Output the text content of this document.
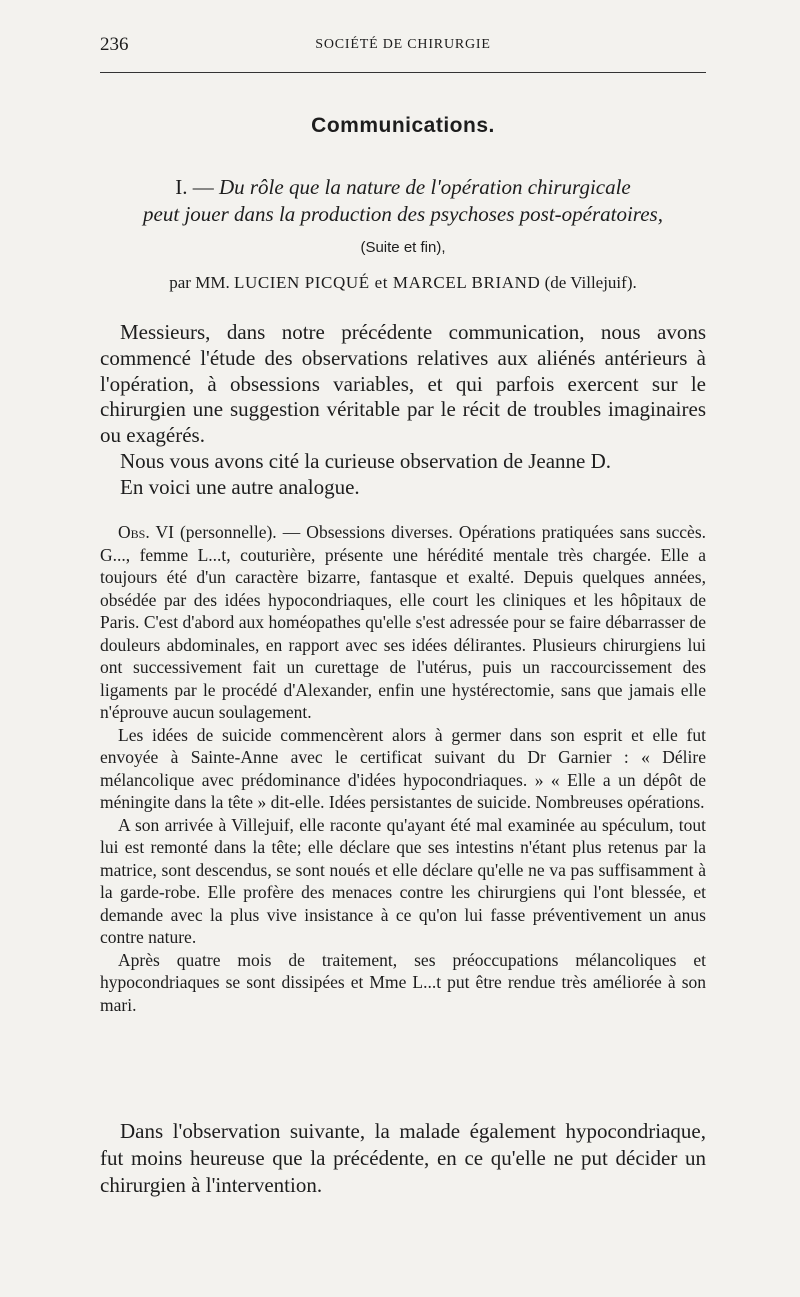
236	SOCIÉTÉ DE CHIRURGIE
Communications.
I. — Du rôle que la nature de l'opération chirurgicale
peut jouer dans la production des psychoses post-opératoires,
(Suite et fin),
par MM. LUCIEN PICQUÉ et MARCEL BRIAND (de Villejuif).

Messieurs, dans notre précédente communication, nous avons commencé l'étude des observations relatives aux aliénés antérieurs à l'opération, à obsessions variables, et qui parfois exercent sur le chirurgien une suggestion véritable par le récit de troubles imaginaires ou exagérés.

Nous vous avons cité la curieuse observation de Jeanne D.

En voici une autre analogue.

Obs. VI (personnelle). — Obsessions diverses. Opérations pratiquées sans succès. G..., femme L...t, couturière, présente une hérédité mentale très chargée. Elle a toujours été d'un caractère bizarre, fantasque et exalté. Depuis quelques années, obsédée par des idées hypocondriaques, elle court les cliniques et les hôpitaux de Paris. C'est d'abord aux homéopathes qu'elle s'est adressée pour se faire débarrasser de douleurs abdominales, en rapport avec ses idées délirantes. Plusieurs chirurgiens lui ont successivement fait un curettage de l'utérus, puis un raccourcissement des ligaments par le procédé d'Alexander, enfin une hystérectomie, sans que jamais elle n'éprouve aucun soulagement.

Les idées de suicide commencèrent alors à germer dans son esprit et elle fut envoyée à Sainte-Anne avec le certificat suivant du Dr Garnier : « Délire mélancolique avec prédominance d'idées hypocondriaques. » « Elle a un dépôt de méningite dans la tête » dit-elle. Idées persistantes de suicide. Nombreuses opérations.

A son arrivée à Villejuif, elle raconte qu'ayant été mal examinée au spéculum, tout lui est remonté dans la tête; elle déclare que ses intestins n'étant plus retenus par la matrice, sont descendus, se sont noués et elle déclare qu'elle ne va pas suffisamment à la garde-robe. Elle profère des menaces contre les chirurgiens qui l'ont blessée, et demande avec la plus vive insistance à ce qu'on lui fasse préventivement un anus contre nature.

Après quatre mois de traitement, ses préoccupations mélancoliques et hypocondriaques se sont dissipées et Mme L...t put être rendue très améliorée à son mari.

Dans l'observation suivante, la malade également hypocondriaque, fut moins heureuse que la précédente, en ce qu'elle ne put décider un chirurgien à l'intervention.
